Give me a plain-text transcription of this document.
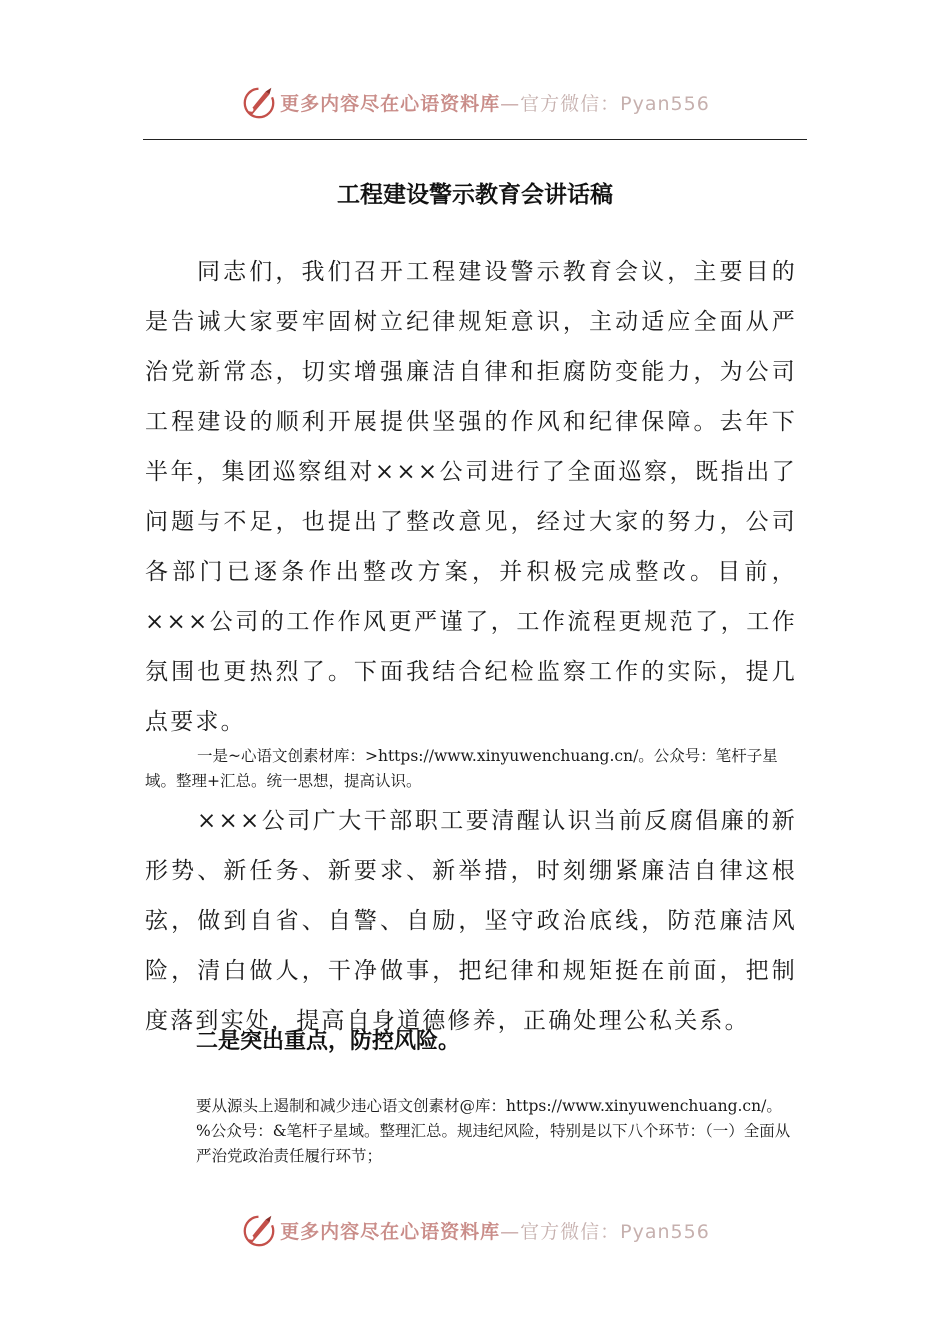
更多内容尽在心语资料库—官方微信：Pyan556
工程建设警示教育会讲话稿

同志们，我们召开工程建设警示教育会议，主要目的是告诫大家要牢固树立纪律规矩意识，主动适应全面从严治党新常态，切实增强廉洁自律和拒腐防变能力，为公司工程建设的顺利开展提供坚强的作风和纪律保障。去年下半年，集团巡察组对×××公司进行了全面巡察，既指出了问题与不足，也提出了整改意见，经过大家的努力，公司各部门已逐条作出整改方案，并积极完成整改。目前，×××公司的工作作风更严谨了，工作流程更规范了，工作氛围也更热烈了。下面我结合纪检监察工作的实际，提几点要求。

一是~心语文创素材库：>https://www.xinyuwenchuang.cn/。公众号：笔杆子星域。整理+汇总。统一思想，提高认识。

×××公司广大干部职工要清醒认识当前反腐倡廉的新形势、新任务、新要求、新举措，时刻绷紧廉洁自律这根弦，做到自省、自警、自励，坚守政治底线，防范廉洁风险，清白做人，干净做事，把纪律和规矩挺在前面，把制度落到实处，提高自身道德修养，正确处理公私关系。

二是突出重点，防控风险。

要从源头上遏制和减少违心语文创素材@库：https://www.xinyuwenchuang.cn/。%公众号：&笔杆子星域。整理汇总。规违纪风险，特别是以下八个环节：（一）全面从严治党政治责任履行环节；

更多内容尽在心语资料库—官方微信：Pyan556
